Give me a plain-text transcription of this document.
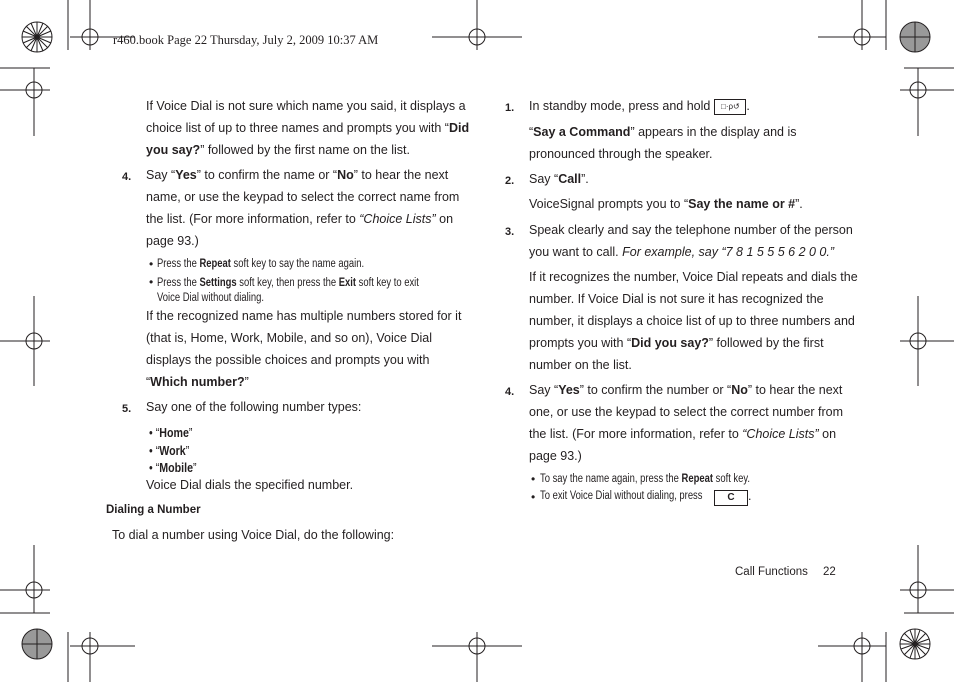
r460.book Page 22 Thursday, July 2, 2009 10:37 AM
If Voice Dial is not sure which name you said, it displays a
choice list of up to three names and prompts you with “Did
you say?” followed by the first name on the list.
4. Say “Yes” to confirm the name or “No” to hear the next
name, or use the keypad to select the correct name from
the list. (For more information, refer to “Choice Lists” on
page 93.)
• Press the Repeat soft key to say the name again.
• Press the Settings soft key, then press the Exit soft key to exit
Voice Dial without dialing.
If the recognized name has multiple numbers stored for it
(that is, Home, Work, Mobile, and so on), Voice Dial
displays the possible choices and prompts you with
“Which number?”
5. Say one of the following number types:
• “Home”
• “Work”
• “Mobile”
Voice Dial dials the specified number.
Dialing a Number
To dial a number using Voice Dial, do the following:
1. In standby mode, press and hold □·ρ↺ .
“Say a Command” appears in the display and is
pronounced through the speaker.
2. Say “Call”.
VoiceSignal prompts you to “Say the name or #”.
3. Speak clearly and say the telephone number of the person
you want to call. For example, say “7 8 1 5 5 5 6 2 0 0.”
If it recognizes the number, Voice Dial repeats and dials the
number. If Voice Dial is not sure it has recognized the
number, it displays a choice list of up to three numbers and
prompts you with “Did you say?” followed by the first
number on the list.
4. Say “Yes” to confirm the number or “No” to hear the next
one, or use the keypad to select the correct number from
the list. (For more information, refer to “Choice Lists” on
page 93.)
• To say the name again, press the Repeat soft key.
• To exit Voice Dial without dialing, press	C	.
Call Functions 22
